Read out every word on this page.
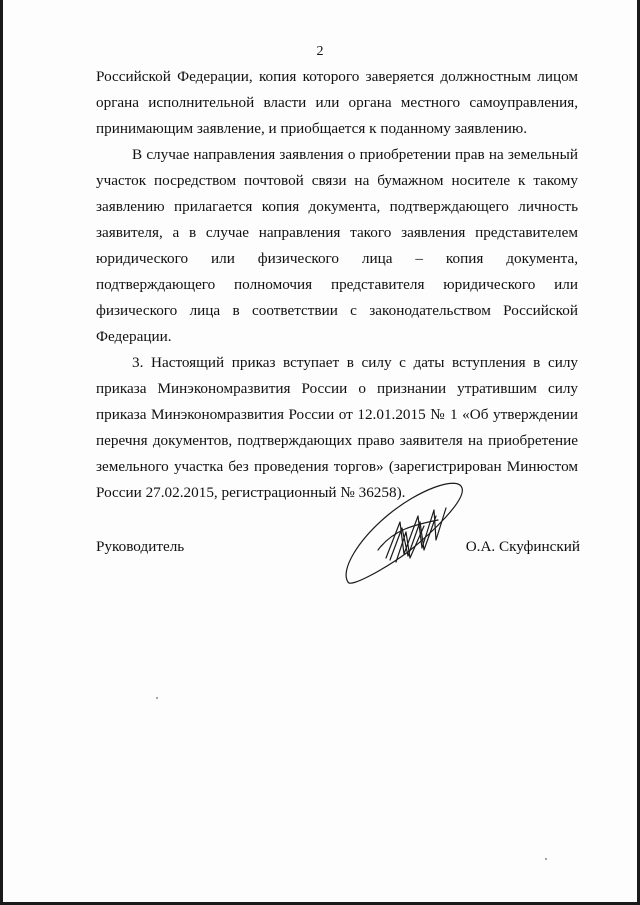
2

Российской Федерации, копия которого заверяется должностным лицом органа исполнительной власти или органа местного самоуправления, принимающим заявление, и приобщается к поданному заявлению.

В случае направления заявления о приобретении прав на земельный участок посредством почтовой связи на бумажном носителе к такому заявлению прилагается копия документа, подтверждающего личность заявителя, а в случае направления такого заявления представителем юридического или физического лица – копия документа, подтверждающего полномочия представителя юридического или физического лица в соответствии с законодательством Российской Федерации.

3. Настоящий приказ вступает в силу с даты вступления в силу приказа Минэкономразвития России о признании утратившим силу приказа Минэкономразвития России от 12.01.2015 № 1 «Об утверждении перечня документов, подтверждающих право заявителя на приобретение земельного участка без проведения торгов» (зарегистрирован Минюстом России 27.02.2015, регистрационный № 36258).

Руководитель	О.А. Скуфинский
